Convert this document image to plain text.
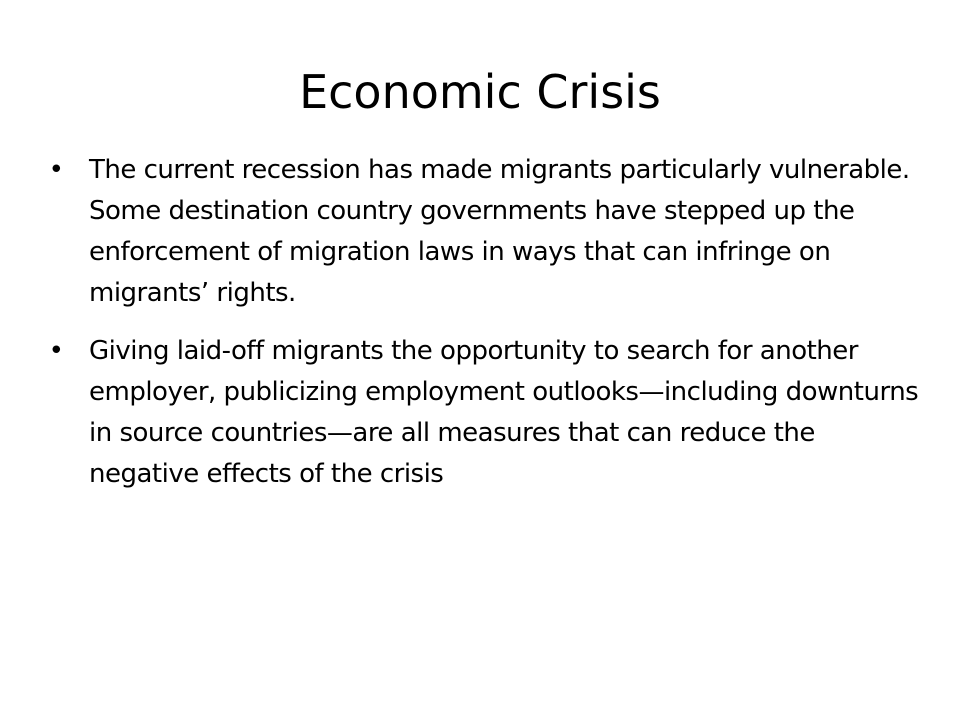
Economic Crisis
• The current recession has made migrants particularly vulnerable. Some destination country governments have stepped up the enforcement of migration laws in ways that can infringe on migrants’ rights.
• Giving laid-off migrants the opportunity to search for another employer, publicizing employment outlooks—including downturns in source countries—are all measures that can reduce the negative effects of the crisis
